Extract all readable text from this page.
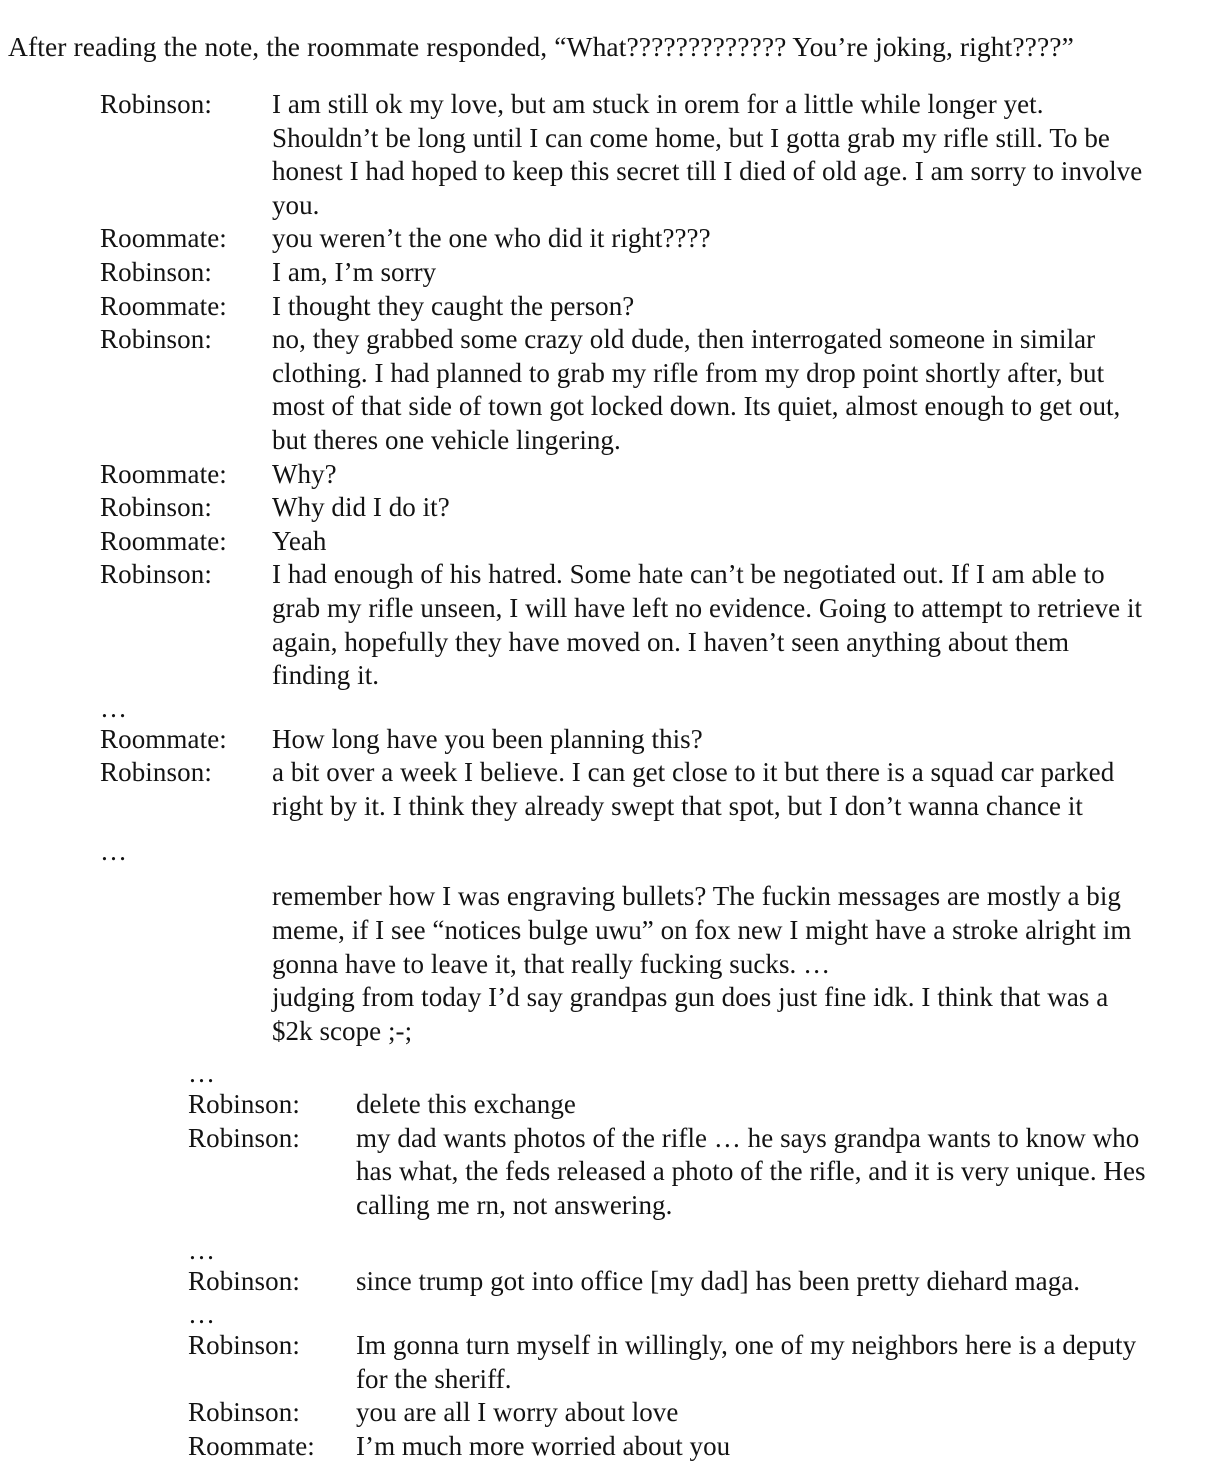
After reading the note, the roommate responded, “What????????????? You’re joking, right????”

Robinson:	I am still ok my love, but am stuck in orem for a little while longer yet. Shouldn’t be long until I can come home, but I gotta grab my rifle still. To be honest I had hoped to keep this secret till I died of old age. I am sorry to involve you.
Roommate:	you weren’t the one who did it right????
Robinson:	I am, I’m sorry
Roommate:	I thought they caught the person?
Robinson:	no, they grabbed some crazy old dude, then interrogated someone in similar clothing. I had planned to grab my rifle from my drop point shortly after, but most of that side of town got locked down. Its quiet, almost enough to get out, but theres one vehicle lingering.
Roommate:	Why?
Robinson:	Why did I do it?
Roommate:	Yeah
Robinson:	I had enough of his hatred. Some hate can’t be negotiated out. If I am able to grab my rifle unseen, I will have left no evidence. Going to attempt to retrieve it again, hopefully they have moved on. I haven’t seen anything about them finding it.
…
Roommate:	How long have you been planning this?
Robinson:	a bit over a week I believe. I can get close to it but there is a squad car parked right by it. I think they already swept that spot, but I don’t wanna chance it
…
remember how I was engraving bullets? The fuckin messages are mostly a big meme, if I see “notices bulge uwu” on fox new I might have a stroke alright im gonna have to leave it, that really fucking sucks. …
judging from today I’d say grandpas gun does just fine idk. I think that was a $2k scope ;-;
…
Robinson:	delete this exchange
Robinson:	my dad wants photos of the rifle … he says grandpa wants to know who has what, the feds released a photo of the rifle, and it is very unique. Hes calling me rn, not answering.
…
Robinson:	since trump got into office [my dad] has been pretty diehard maga.
…
Robinson:	Im gonna turn myself in willingly, one of my neighbors here is a deputy for the sheriff.
Robinson:	you are all I worry about love
Roommate:	I’m much more worried about you
